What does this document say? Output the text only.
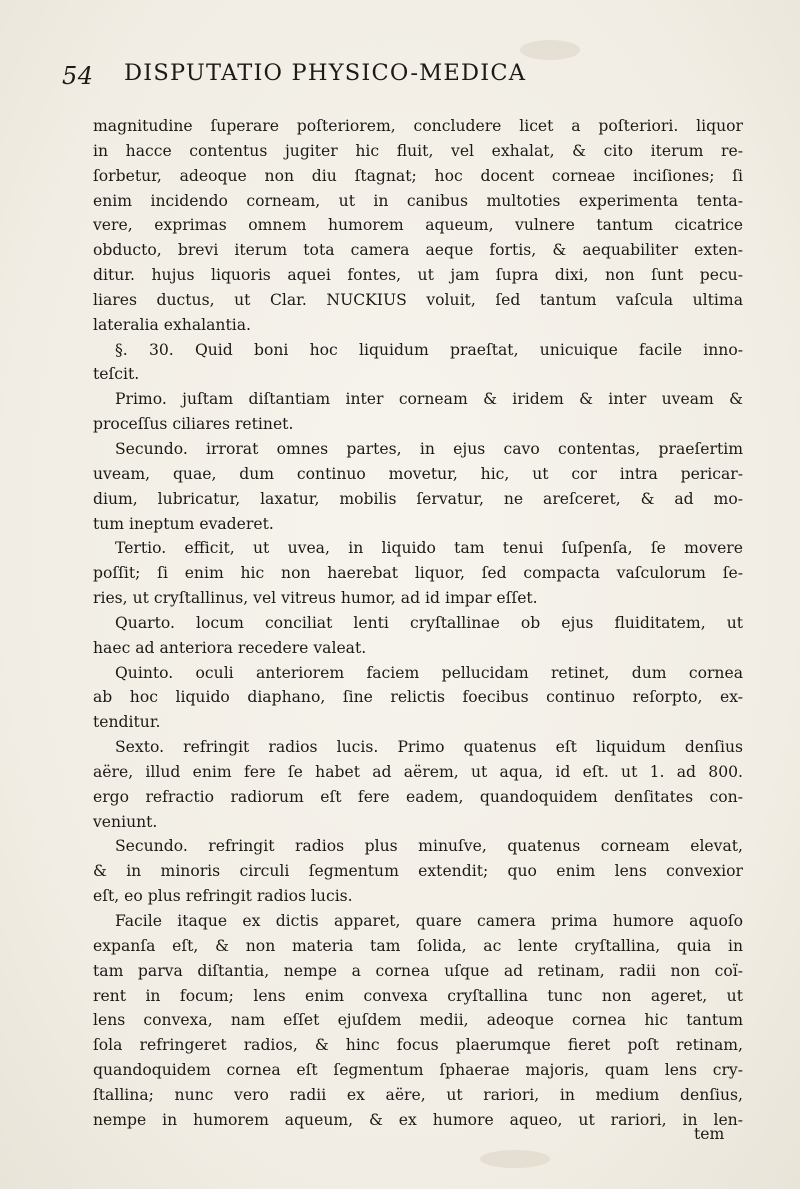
54 DISPUTATIO PHYSICO-MEDICA
magnitudine ſuperare poſteriorem, concludere licet a poſteriori. liquor
in hacce contentus jugiter hic fluit, vel exhalat, & cito iterum re-
ſorbetur, adeoque non diu ſtagnat; hoc docent corneae inciſiones; ſi
enim incidendo corneam, ut in canibus multoties experimenta tenta-
vere, exprimas omnem humorem aqueum, vulnere tantum cicatrice
obducto, brevi iterum tota camera aeque fortis, & aequabiliter exten-
ditur. hujus liquoris aquei fontes, ut jam ſupra dixi, non ſunt pecu-
liares ductus, ut Clar. NUCKIUS voluit, ſed tantum vaſcula ultima
lateralia exhalantia.
§. 30. Quid boni hoc liquidum praeſtat, unicuique facile inno-
teſcit.
Primo. juſtam diſtantiam inter corneam & iridem & inter uveam &
proceſſus ciliares retinet.
Secundo. irrorat omnes partes, in ejus cavo contentas, praeſertim
uveam, quae, dum continuo movetur, hic, ut cor intra pericar-
dium, lubricatur, laxatur, mobilis ſervatur, ne areſceret, & ad mo-
tum ineptum evaderet.
Tertio. efficit, ut uvea, in liquido tam tenui ſuſpenſa, ſe movere
poſſit; ſi enim hic non haerebat liquor, ſed compacta vaſculorum ſe-
ries, ut cryſtallinus, vel vitreus humor, ad id impar eſſet.
Quarto. locum conciliat lenti cryſtallinae ob ejus fluiditatem, ut
haec ad anteriora recedere valeat.
Quinto. oculi anteriorem faciem pellucidam retinet, dum cornea
ab hoc liquido diaphano, ſine relictis foecibus continuo reſorpto, ex-
tenditur.
Sexto. refringit radios lucis. Primo quatenus eſt liquidum denſius
aëre, illud enim fere ſe habet ad aërem, ut aqua, id eſt. ut 1. ad 800.
ergo refractio radiorum eſt fere eadem, quandoquidem denſitates con-
veniunt.
Secundo. refringit radios plus minuſve, quatenus corneam elevat,
& in minoris circuli ſegmentum extendit; quo enim lens convexior
eſt, eo plus refringit radios lucis.
Facile itaque ex dictis apparet, quare camera prima humore aquoſo
expanſa eſt, & non materia tam ſolida, ac lente cryſtallina, quia in
tam parva diſtantia, nempe a cornea uſque ad retinam, radii non coï-
rent in focum; lens enim convexa cryſtallina tunc non ageret, ut
lens convexa, nam eſſet ejuſdem medii, adeoque cornea hic tantum
ſola refringeret radios, & hinc focus plaerumque fieret poſt retinam,
quandoquidem cornea eſt ſegmentum ſphaerae majoris, quam lens cry-
ſtallina; nunc vero radii ex aëre, ut rariori, in medium denſius,
nempe in humorem aqueum, & ex humore aqueo, ut rariori, in len-
tem
